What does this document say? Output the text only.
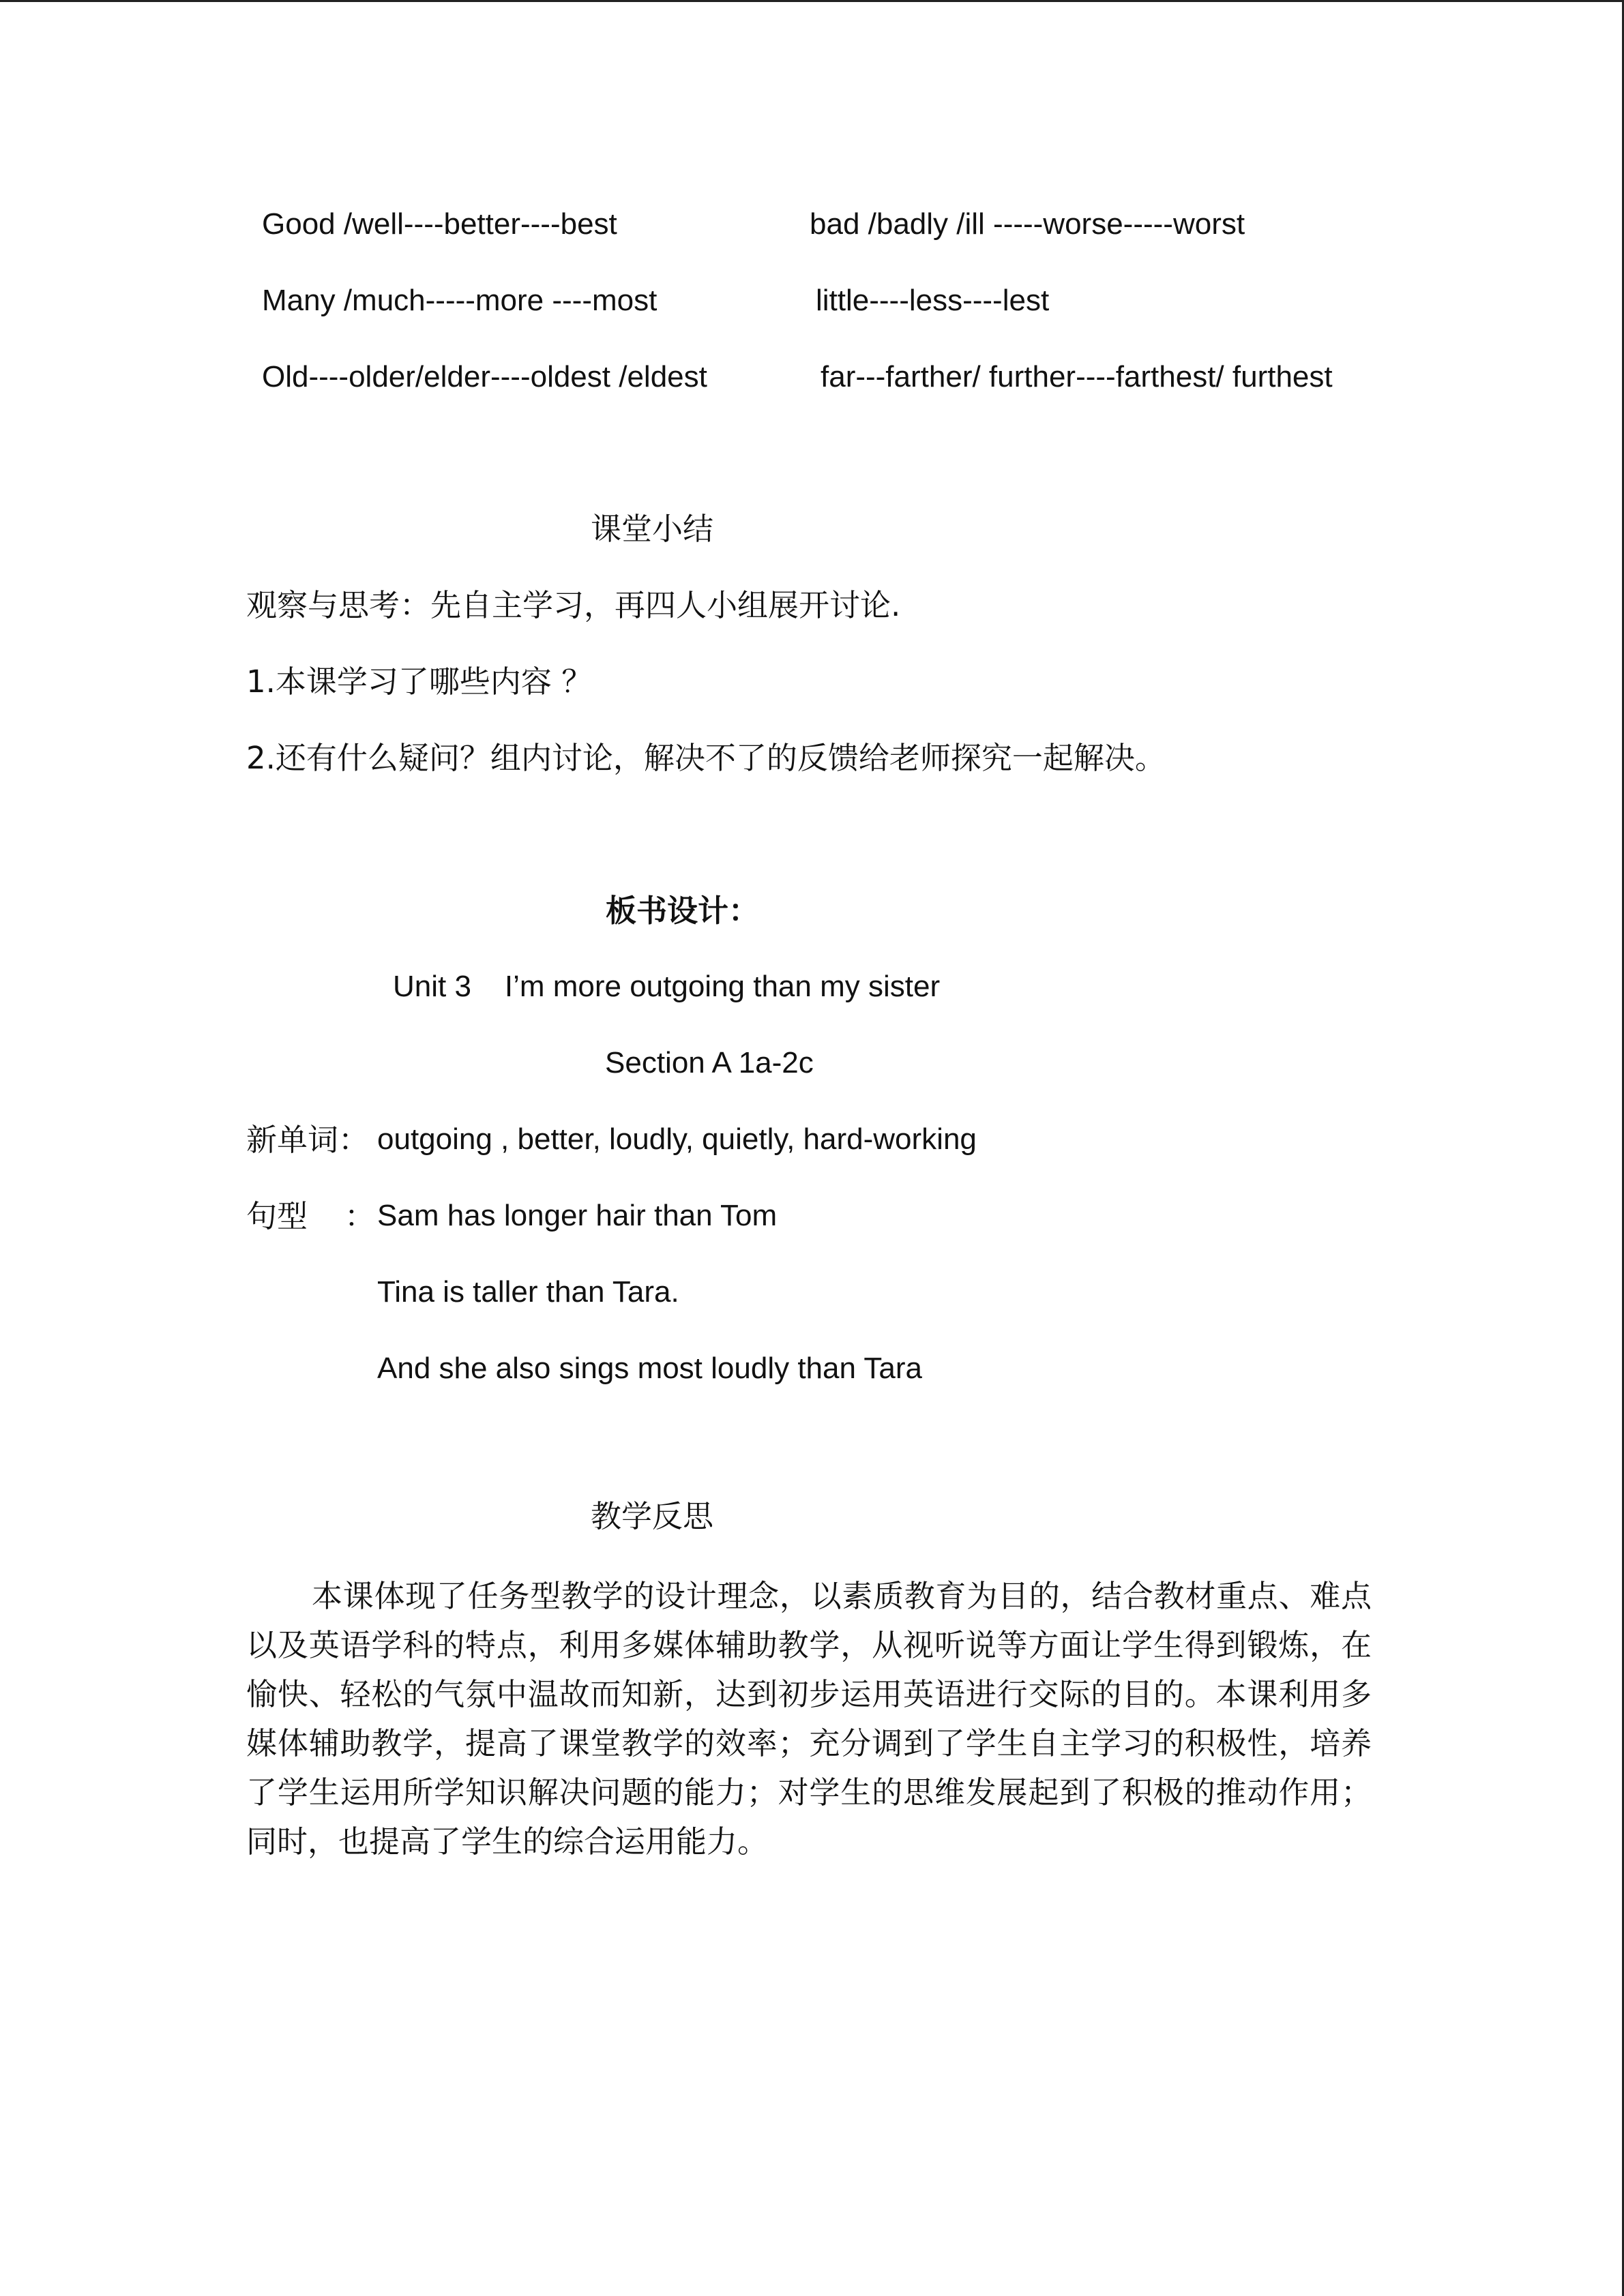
Good /well----better----best	bad /badly /ill -----worse-----worst
Many /much-----more ----most	little----less----lest
Old----older/elder----oldest /eldest	far---farther/ further----farthest/ furthest
课堂小结
观察与思考：先自主学习，再四人小组展开讨论.
1.本课学习了哪些内容 ？
2.还有什么疑问？组内讨论，解决不了的反馈给老师探究一起解决。
板书设计：
Unit 3    I’m more outgoing than my sister
Section A 1a-2c
新单词： outgoing , better, loudly, quietly, hard-working
句型 ： Sam has longer hair than Tom
Tina is taller than Tara.
And she also sings most loudly than Tara
教学反思
本课体现了任务型教学的设计理念，以素质教育为目的，结合教材重点、难点以及英语学科的特点，利用多媒体辅助教学，从视听说等方面让学生得到锻炼，在愉快、轻松的气氛中温故而知新，达到初步运用英语进行交际的目的。本课利用多媒体辅助教学，提高了课堂教学的效率；充分调到了学生自主学习的积极性，培养了学生运用所学知识解决问题的能力；对学生的思维发展起到了积极的推动作用；同时，也提高了学生的综合运用能力。
